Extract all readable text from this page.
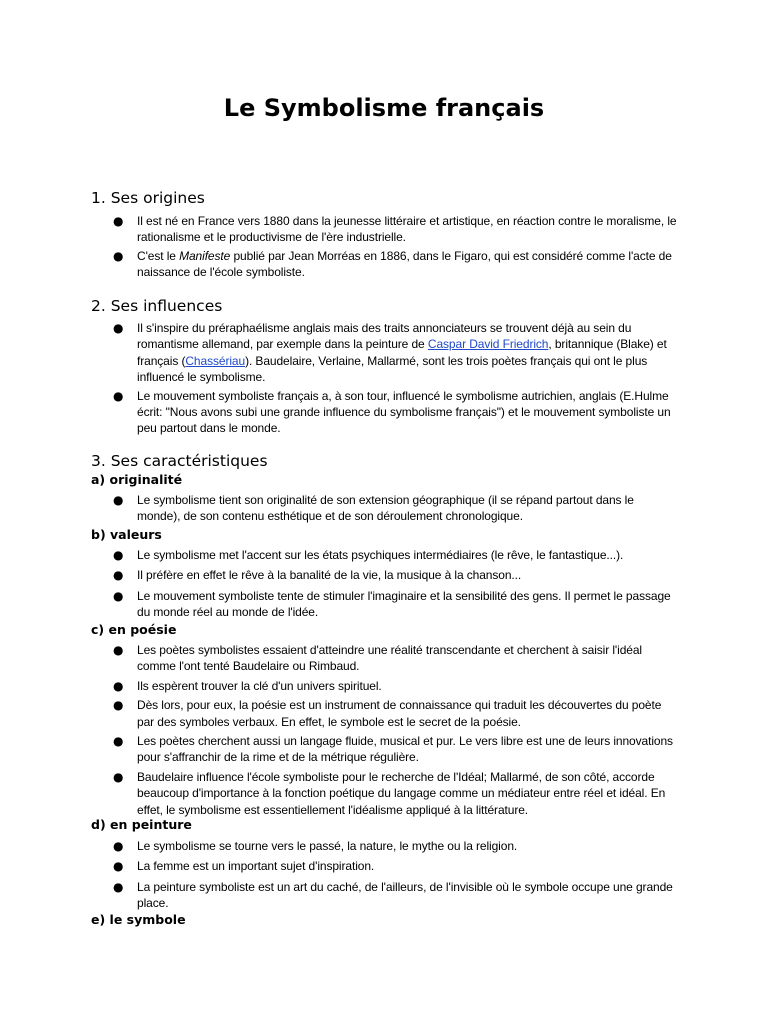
Le Symbolisme français
1. Ses origines
● Il est né en France vers 1880 dans la jeunesse littéraire et artistique, en réaction contre le moralisme, le rationalisme et le productivisme de l'ère industrielle.
● C'est le Manifeste publié par Jean Morréas en 1886, dans le Figaro, qui est considéré comme l'acte de naissance de l'école symboliste.
2. Ses influences
● Il s'inspire du préraphaélisme anglais mais des traits annonciateurs se trouvent déjà au sein du romantisme allemand, par exemple dans la peinture de Caspar David Friedrich, britannique (Blake) et français (Chassériau). Baudelaire, Verlaine, Mallarmé, sont les trois poètes français qui ont le plus influencé le symbolisme.
● Le mouvement symboliste français a, à son tour, influencé le symbolisme autrichien, anglais (E.Hulme écrit: "Nous avons subi une grande influence du symbolisme français") et le mouvement symboliste un peu partout dans le monde.
3. Ses caractéristiques
a) originalité
● Le symbolisme tient son originalité de son extension géographique (il se répand partout dans le monde), de son contenu esthétique et de son déroulement chronologique.
b) valeurs
● Le symbolisme met l'accent sur les états psychiques intermédiaires (le rêve, le fantastique...).
● Il préfère en effet le rêve à la banalité de la vie, la musique à la chanson...
● Le mouvement symboliste tente de stimuler l'imaginaire et la sensibilité des gens. Il permet le passage du monde réel au monde de l'idée.
c) en poésie
● Les poètes symbolistes essaient d'atteindre une réalité transcendante et cherchent à saisir l'idéal comme l'ont tenté Baudelaire ou Rimbaud.
● Ils espèrent trouver la clé d'un univers spirituel.
● Dès lors, pour eux, la poésie est un instrument de connaissance qui traduit les découvertes du poète par des symboles verbaux. En effet, le symbole est le secret de la poésie.
● Les poètes cherchent aussi un langage fluide, musical et pur. Le vers libre est une de leurs innovations pour s'affranchir de la rime et de la métrique régulière.
● Baudelaire influence l'école symboliste pour le recherche de l'Idéal; Mallarmé, de son côté, accorde beaucoup d'importance à la fonction poétique du langage comme un médiateur entre réel et idéal. En effet, le symbolisme est essentiellement l'idéalisme appliqué à la littérature.
d) en peinture
● Le symbolisme se tourne vers le passé, la nature, le mythe ou la religion.
● La femme est un important sujet d'inspiration.
● La peinture symboliste est un art du caché, de l'ailleurs, de l'invisible où le symbole occupe une grande place.
e) le symbole
